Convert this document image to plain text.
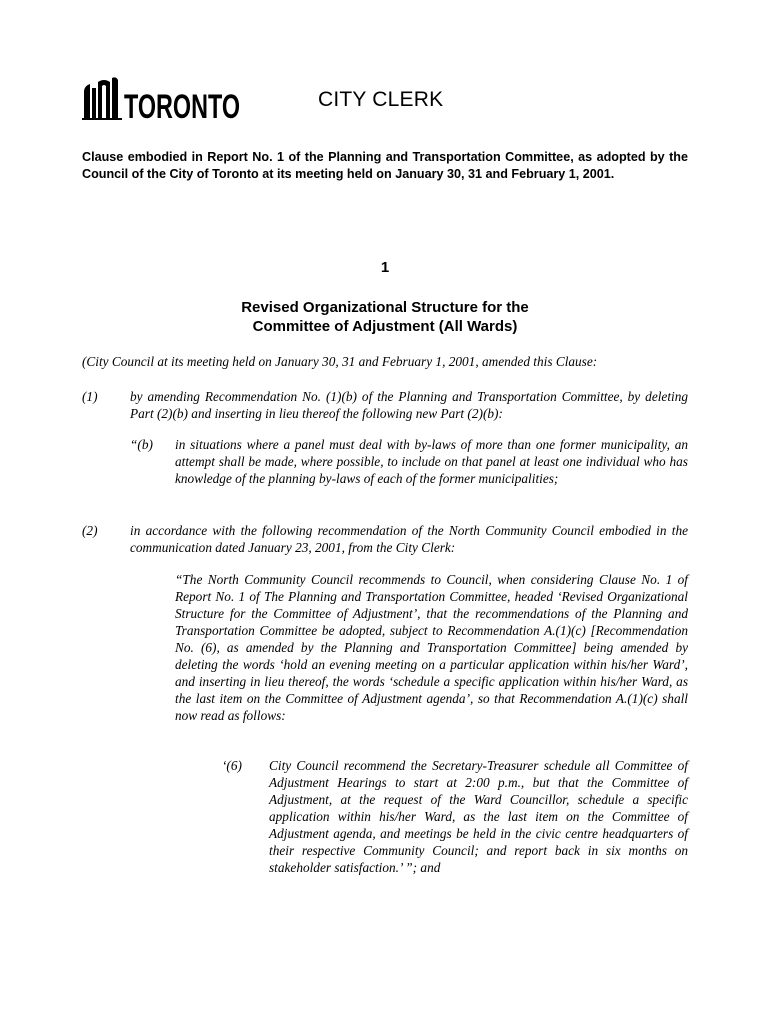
TORONTO	CITY CLERK
Clause embodied in Report No. 1 of the Planning and Transportation Committee, as adopted by the Council of the City of Toronto at its meeting held on January 30, 31 and February 1, 2001.
1
Revised Organizational Structure for the
Committee of Adjustment (All Wards)
(City Council at its meeting held on January 30, 31 and February 1, 2001, amended this Clause:
(1) by amending Recommendation No. (1)(b) of the Planning and Transportation Committee, by deleting Part (2)(b) and inserting in lieu thereof the following new Part (2)(b):
“(b) in situations where a panel must deal with by-laws of more than one former municipality, an attempt shall be made, where possible, to include on that panel at least one individual who has knowledge of the planning by-laws of each of the former municipalities;
(2) in accordance with the following recommendation of the North Community Council embodied in the communication dated January 23, 2001, from the City Clerk:
“The North Community Council recommends to Council, when considering Clause No. 1 of Report No. 1 of The Planning and Transportation Committee, headed ‘Revised Organizational Structure for the Committee of Adjustment’, that the recommendations of the Planning and Transportation Committee be adopted, subject to Recommendation A.(1)(c) [Recommendation No. (6), as amended by the Planning and Transportation Committee] being amended by deleting the words ‘hold an evening meeting on a particular application within his/her Ward’, and inserting in lieu thereof, the words ‘schedule a specific application within his/her Ward, as the last item on the Committee of Adjustment agenda’, so that Recommendation A.(1)(c) shall now read as follows:
‘(6) City Council recommend the Secretary-Treasurer schedule all Committee of Adjustment Hearings to start at 2:00 p.m., but that the Committee of Adjustment, at the request of the Ward Councillor, schedule a specific application within his/her Ward, as the last item on the Committee of Adjustment agenda, and meetings be held in the civic centre headquarters of their respective Community Council; and report back in six months on stakeholder satisfaction.’ ”; and
